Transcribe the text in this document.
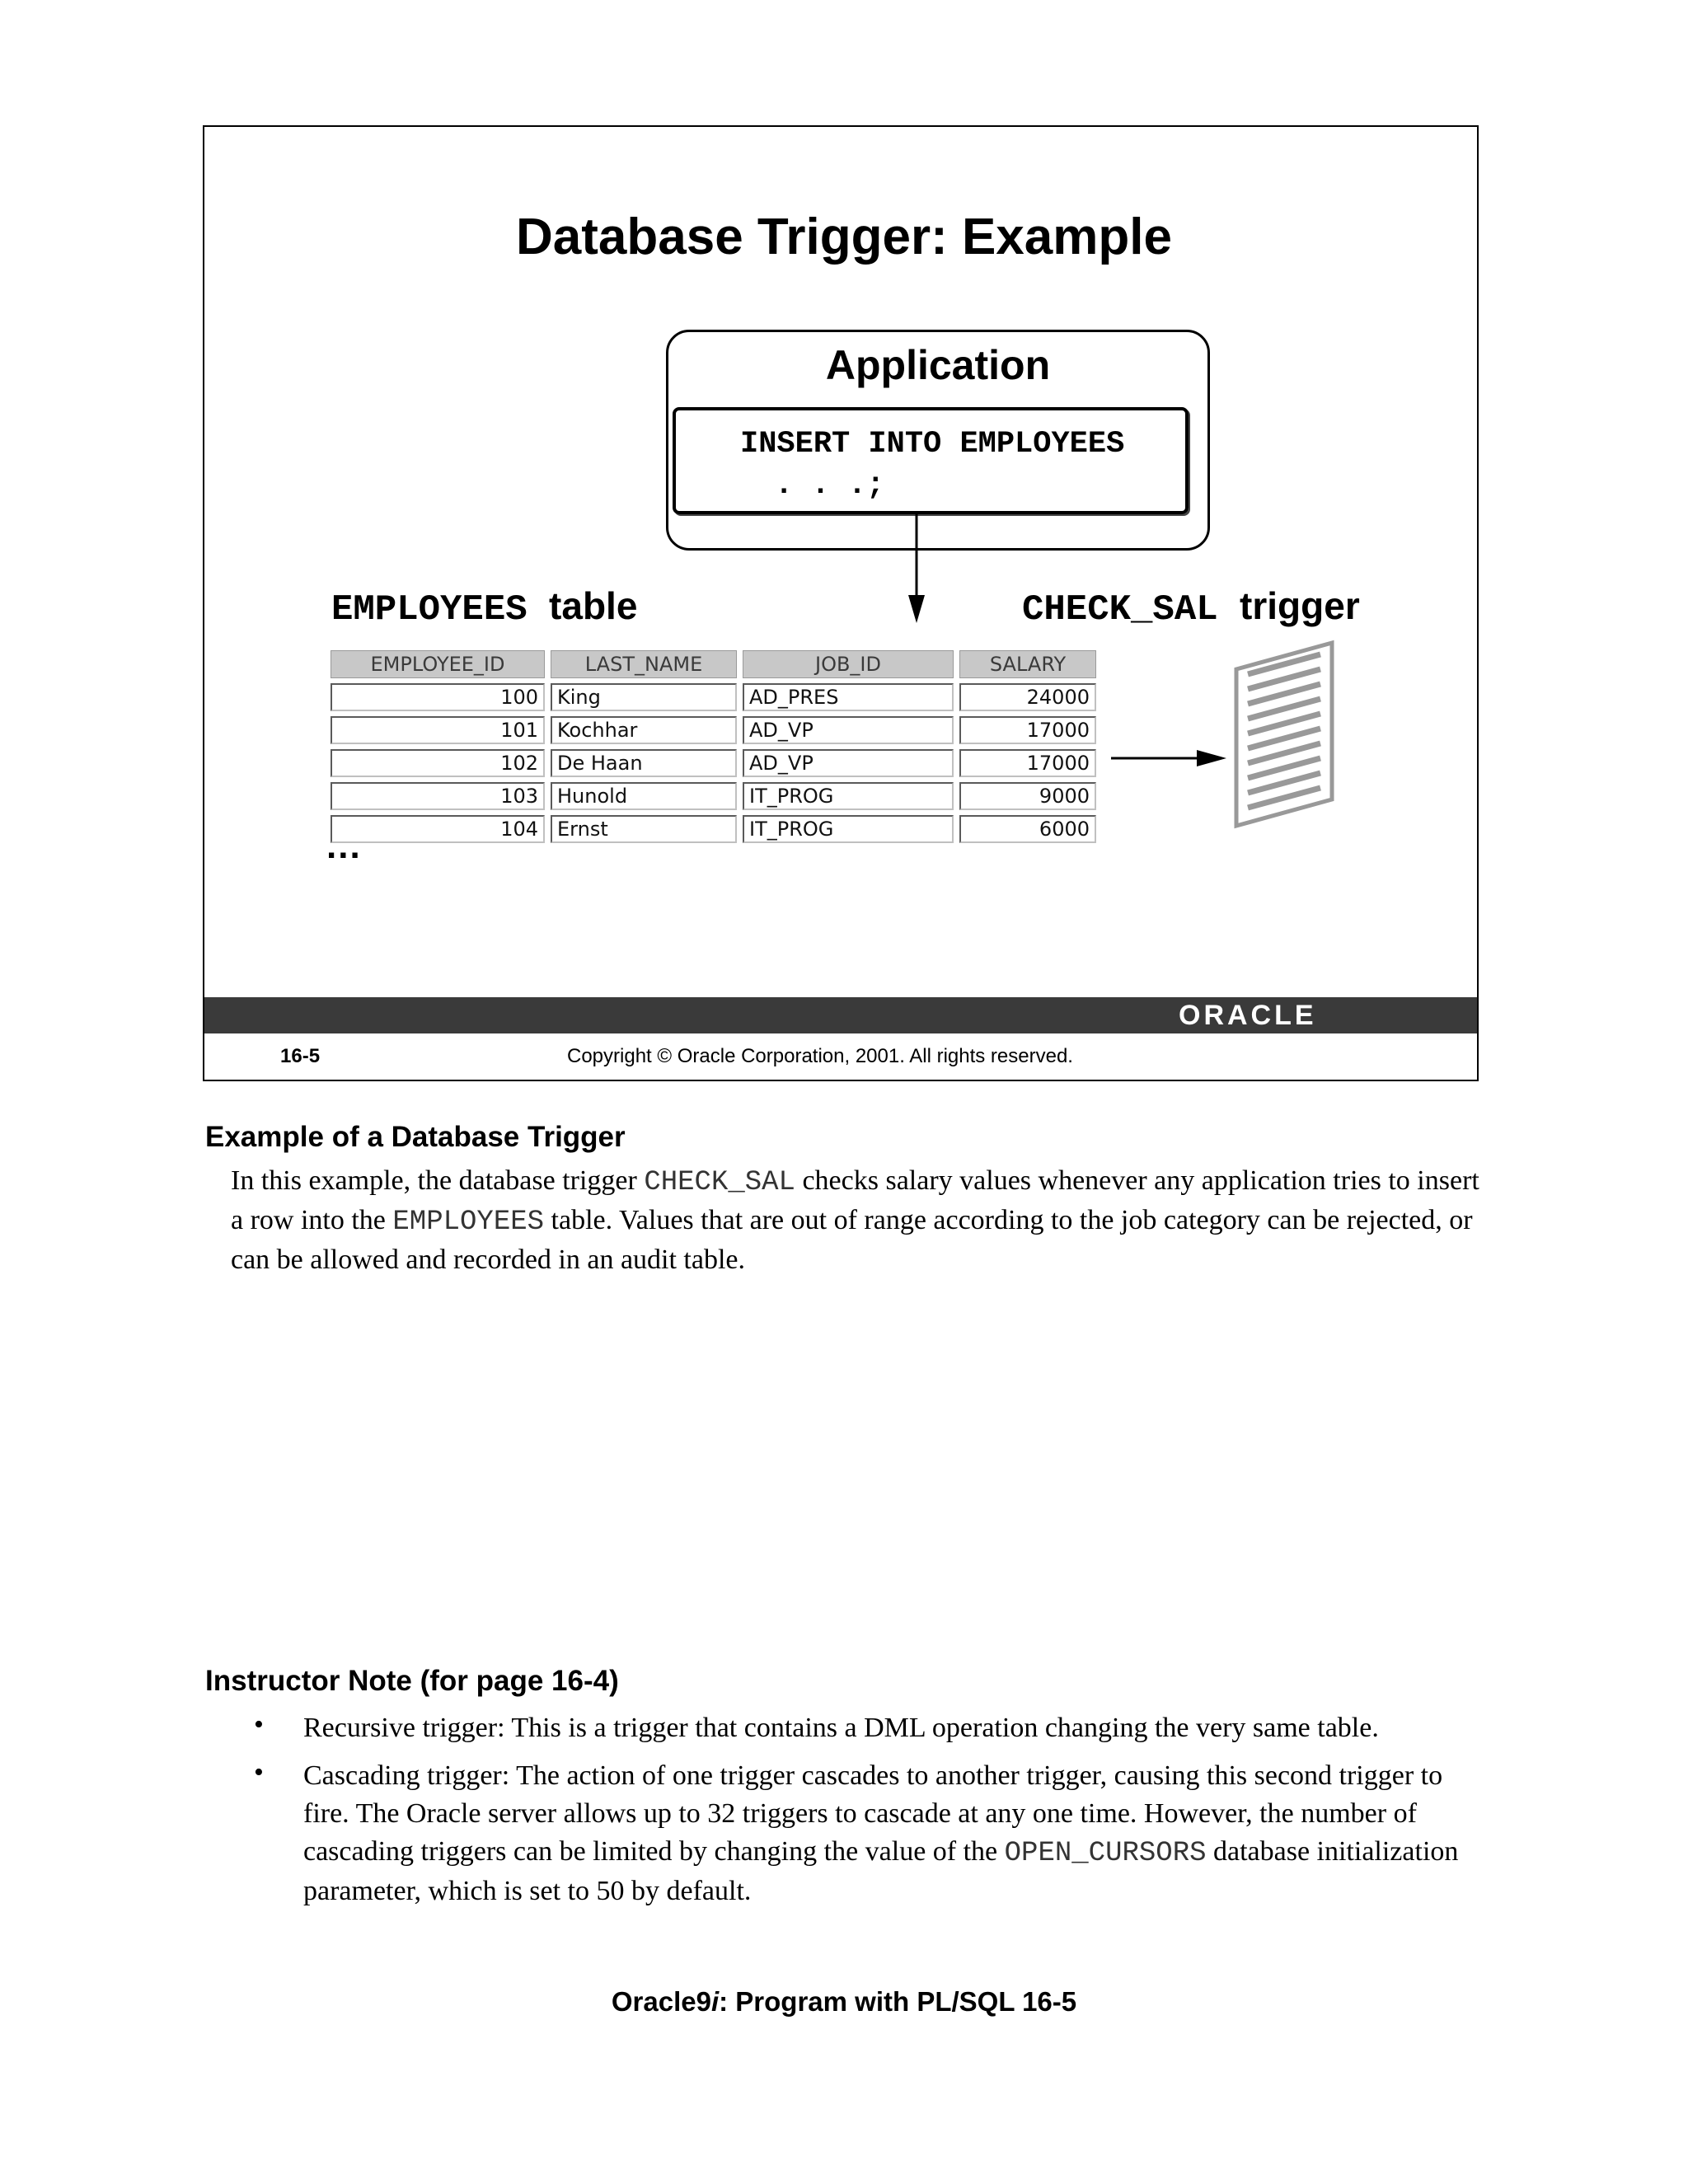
Database Trigger: Example
Application
INSERT INTO EMPLOYEES
. . .;
EMPLOYEES table	CHECK_SAL trigger
EMPLOYEE_ID	LAST_NAME	JOB_ID	SALARY
100	King	AD_PRES	24000
101	Kochhar	AD_VP	17000
102	De Haan	AD_VP	17000
103	Hunold	IT_PROG	9000
104	Ernst	IT_PROG	6000
...
ORACLE
16-5	Copyright © Oracle Corporation, 2001. All rights reserved.
Example of a Database Trigger
In this example, the database trigger CHECK_SAL checks salary values whenever any application tries to insert a row into the EMPLOYEES table. Values that are out of range according to the job category can be rejected, or can be allowed and recorded in an audit table.
Instructor Note (for page 16-4)
• Recursive trigger: This is a trigger that contains a DML operation changing the very same table.
• Cascading trigger: The action of one trigger cascades to another trigger, causing this second trigger to fire. The Oracle server allows up to 32 triggers to cascade at any one time. However, the number of cascading triggers can be limited by changing the value of the OPEN_CURSORS database initialization parameter, which is set to 50 by default.
Oracle9i: Program with PL/SQL 16-5
